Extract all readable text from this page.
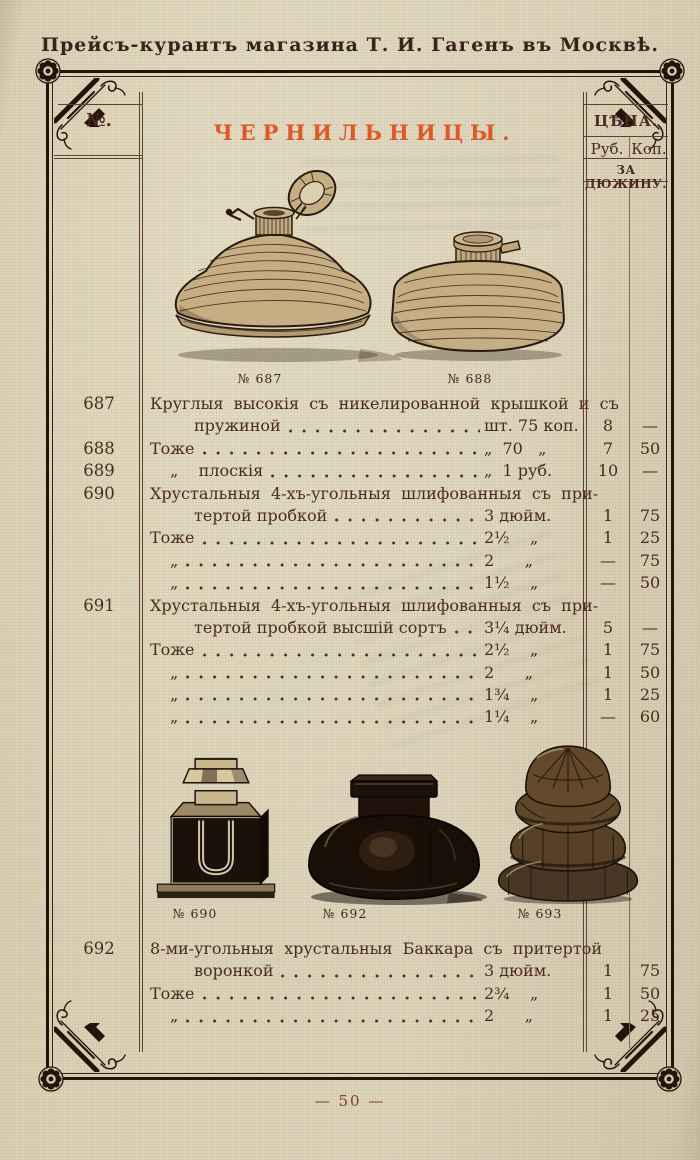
Прейсъ-курантъ магазина Т. И. Гагенъ въ Москвѣ.
№.	ЦѢНА.
Руб. Коп.
ЗА ДЮЖИНУ.
ЧЕРНИЛЬНИЦЫ.
№ 687	№ 688
687	Круглыя  высокія  съ  никелированной  крышкой  и  съ
пружиной	шт. 75 коп.	8	—
688	Тоже	„  70   „	7	50
689	„    плоскія	„  1 руб.	10	—
690	Хрустальныя  4-хъ-угольныя  шлифованныя  съ  при-
тертой пробкой	3 дюйм.	1	75
Тоже	2½    „	1	25
„	2      „	—	75
„	1½    „	—	50
691	Хрустальныя  4-хъ-угольныя  шлифованныя  съ  при-
тертой пробкой высшій сортъ 3¼ дюйм.	5	—
Тоже	2½    „	1	75
„	2      „	1	50
„	1¾    „	1	25
„	1¼    „	—	60
№ 690	№ 692	№ 693
692	8-ми-угольныя  хрустальныя  Баккара  съ  притертой
воронкой	3 дюйм.	1	75
Тоже	2¾    „	1	50
„	2      „	1	25
— 50 —
